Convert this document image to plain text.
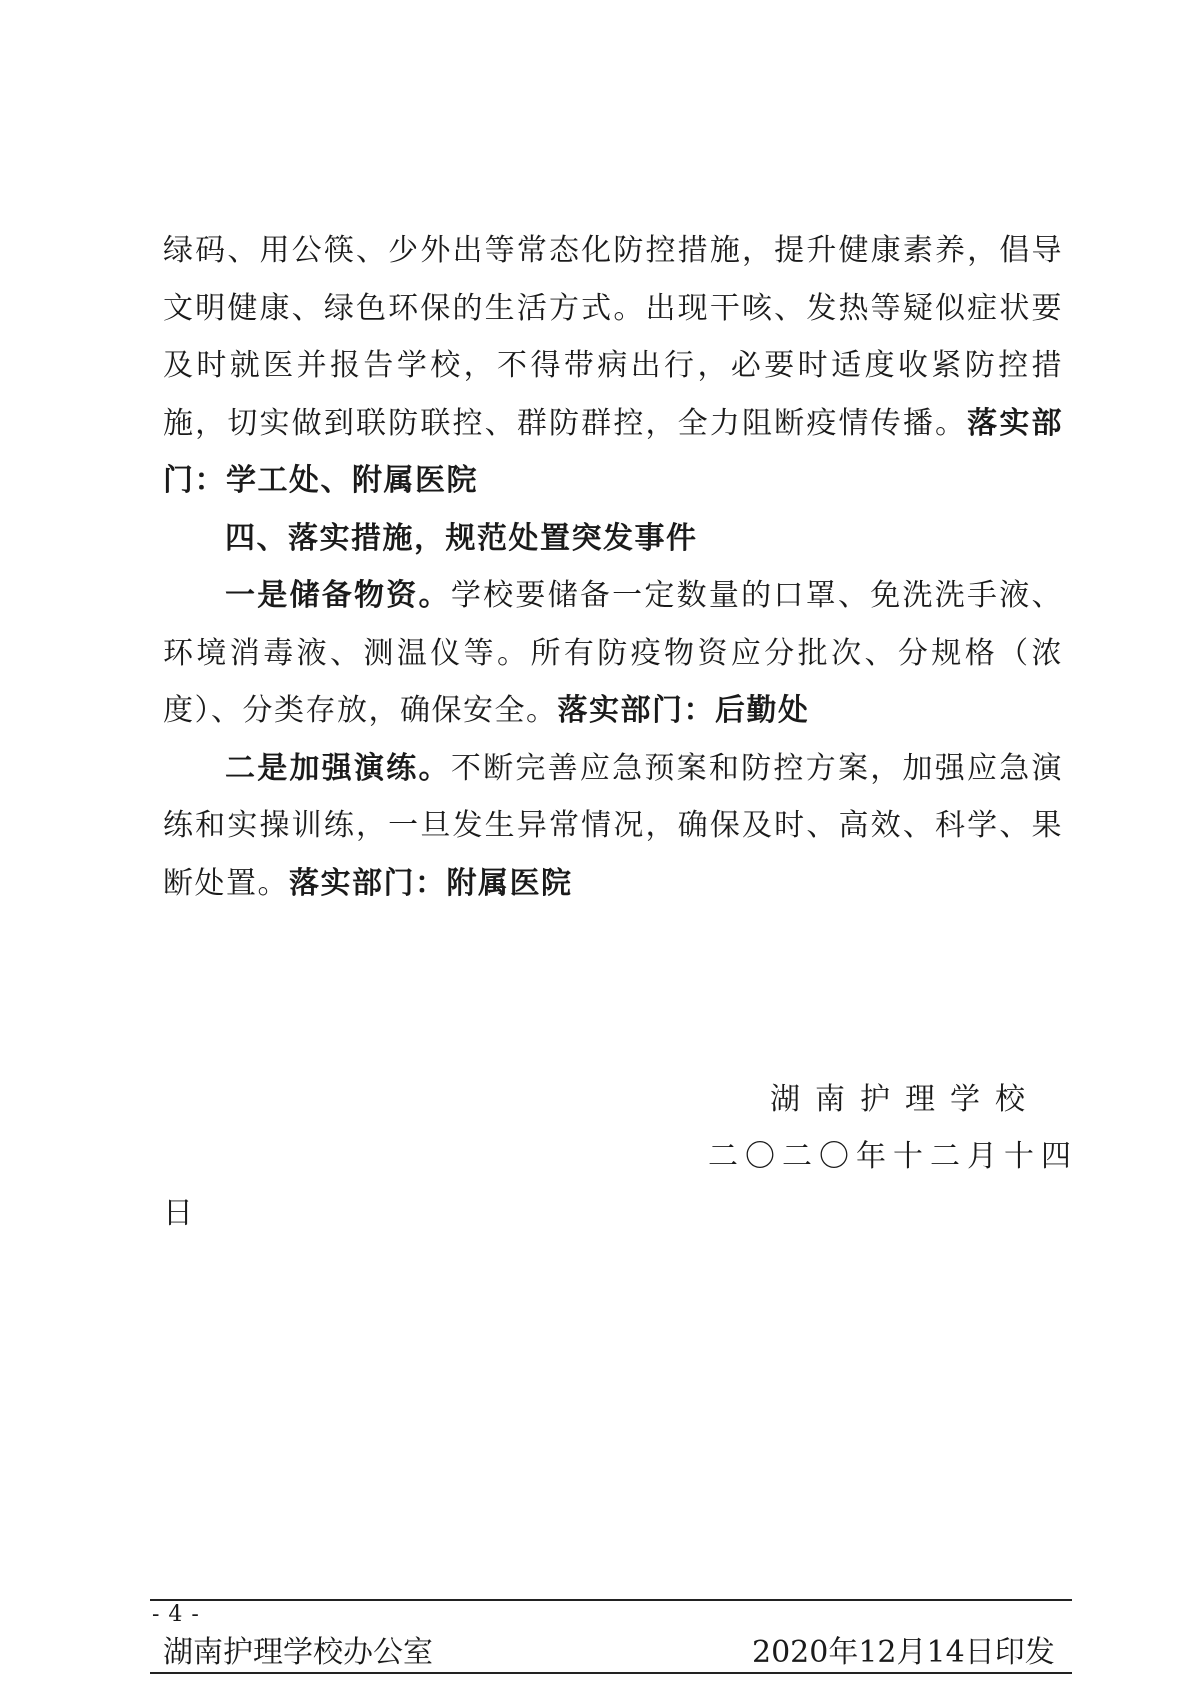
绿码、用公筷、少外出等常态化防控措施，提升健康素养，倡导文明健康、绿色环保的生活方式。出现干咳、发热等疑似症状要及时就医并报告学校，不得带病出行，必要时适度收紧防控措施，切实做到联防联控、群防群控，全力阻断疫情传播。落实部门：学工处、附属医院

四、落实措施，规范处置突发事件

一是储备物资。学校要储备一定数量的口罩、免洗洗手液、环境消毒液、测温仪等。所有防疫物资应分批次、分规格（浓度）、分类存放，确保安全。落实部门：后勤处

二是加强演练。不断完善应急预案和防控方案，加强应急演练和实操训练，一旦发生异常情况，确保及时、高效、科学、果断处置。落实部门：附属医院

湖南护理学校
二〇二〇年十二月十四
日
- 4 -
湖南护理学校办公室	2020年12月14日印发
